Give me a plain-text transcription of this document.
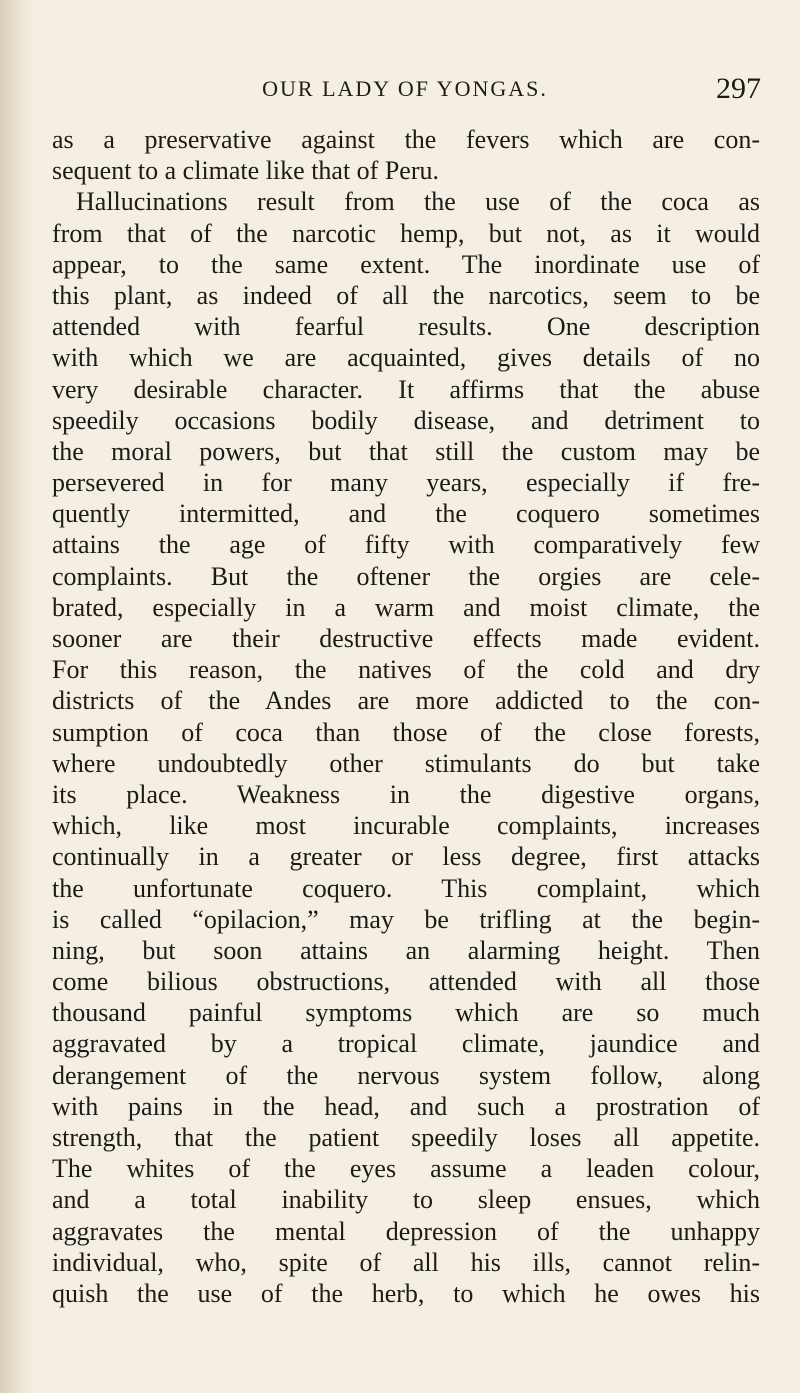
OUR LADY OF YONGAS.	297
as a preservative against the fevers which are con-
sequent to a climate like that of Peru.
Hallucinations result from the use of the coca as
from that of the narcotic hemp, but not, as it would
appear, to the same extent. The inordinate use of
this plant, as indeed of all the narcotics, seem to be
attended with fearful results. One description
with which we are acquainted, gives details of no
very desirable character. It affirms that the abuse
speedily occasions bodily disease, and detriment to
the moral powers, but that still the custom may be
persevered in for many years, especially if fre-
quently intermitted, and the coquero sometimes
attains the age of fifty with comparatively few
complaints. But the oftener the orgies are cele-
brated, especially in a warm and moist climate, the
sooner are their destructive effects made evident.
For this reason, the natives of the cold and dry
districts of the Andes are more addicted to the con-
sumption of coca than those of the close forests,
where undoubtedly other stimulants do but take
its place. Weakness in the digestive organs,
which, like most incurable complaints, increases
continually in a greater or less degree, first attacks
the unfortunate coquero. This complaint, which
is called “opilacion,” may be trifling at the begin-
ning, but soon attains an alarming height. Then
come bilious obstructions, attended with all those
thousand painful symptoms which are so much
aggravated by a tropical climate, jaundice and
derangement of the nervous system follow, along
with pains in the head, and such a prostration of
strength, that the patient speedily loses all appetite.
The whites of the eyes assume a leaden colour,
and a total inability to sleep ensues, which
aggravates the mental depression of the unhappy
individual, who, spite of all his ills, cannot relin-
quish the use of the herb, to which he owes his
